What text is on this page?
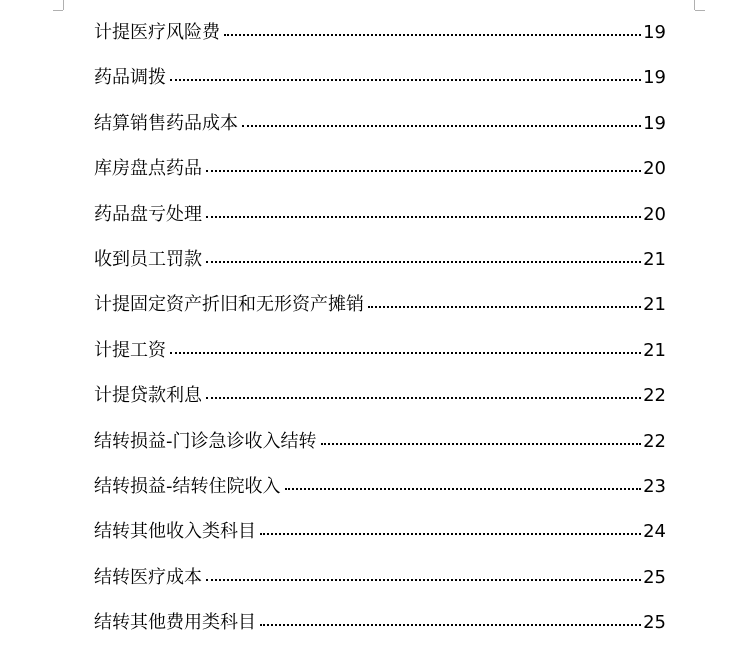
计提医疗风险费	19
药品调拨	19
结算销售药品成本	19
库房盘点药品	20
药品盘亏处理	20
收到员工罚款	21
计提固定资产折旧和无形资产摊销	21
计提工资	21
计提贷款利息	22
结转损益-门诊急诊收入结转	22
结转损益-结转住院收入	23
结转其他收入类科目	24
结转医疗成本	25
结转其他费用类科目	25
